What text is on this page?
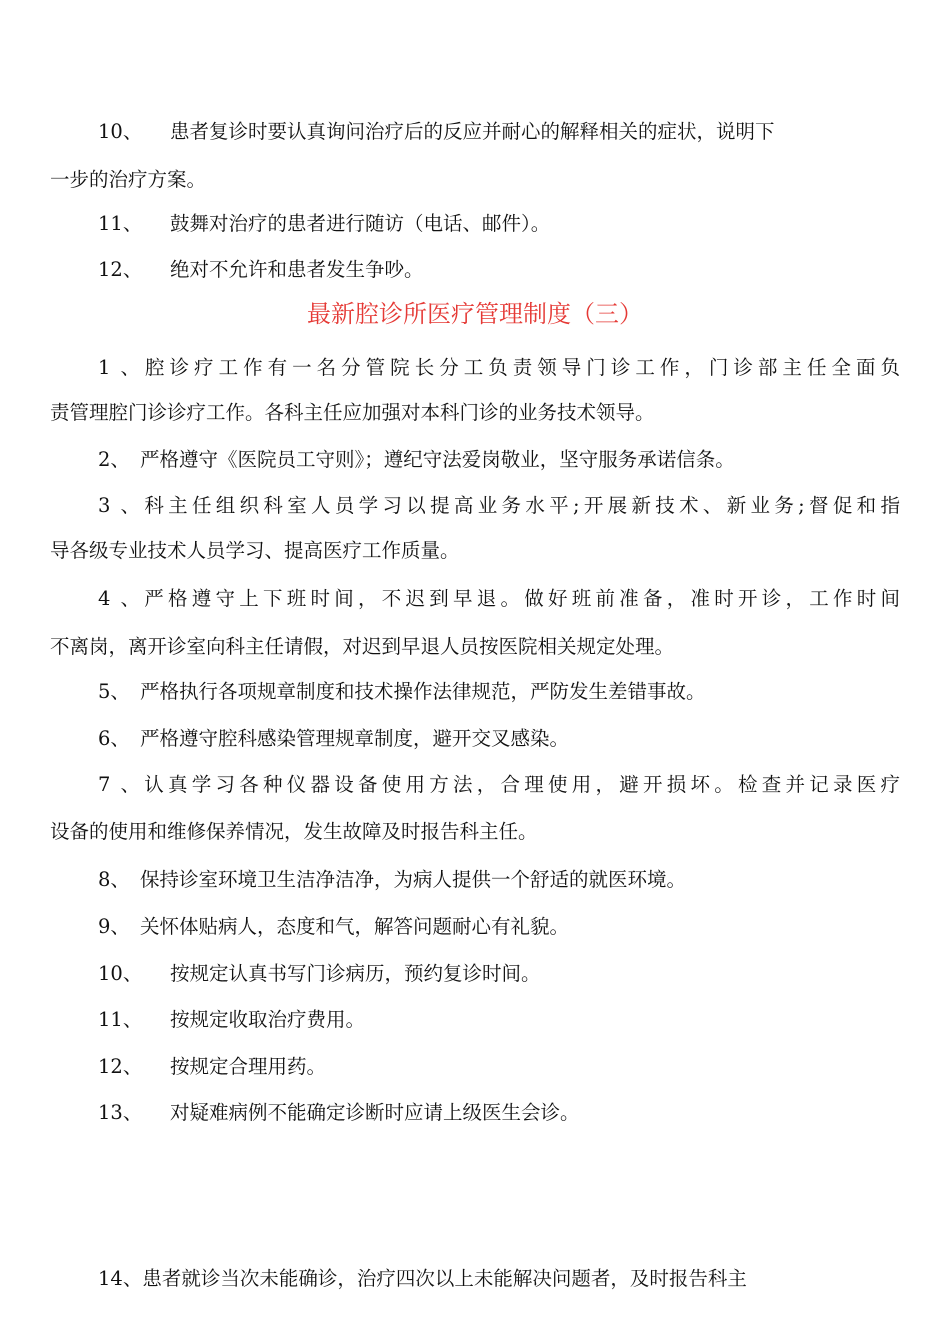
10、 患者复诊时要认真询问治疗后的反应并耐心的解释相关的症状，说明下
一步的治疗方案。
11、 鼓舞对治疗的患者进行随访（电话、邮件）。
12、 绝对不允许和患者发生争吵。
最新腔诊所医疗管理制度（三）
1、腔诊疗工作有一名分管院长分工负责领导门诊工作，门诊部主任全面负
责管理腔门诊诊疗工作。各科主任应加强对本科门诊的业务技术领导。
2、 严格遵守《医院员工守则》；遵纪守法爱岗敬业，坚守服务承诺信条。
3、科主任组织科室人员学习以提高业务水平;开展新技术、新业务;督促和指
导各级专业技术人员学习、提高医疗工作质量。
4、严格遵守上下班时间，不迟到早退。做好班前准备，准时开诊，工作时间
不离岗，离开诊室向科主任请假，对迟到早退人员按医院相关规定处理。
5、 严格执行各项规章制度和技术操作法律规范，严防发生差错事故。
6、 严格遵守腔科感染管理规章制度，避开交叉感染。
7、认真学习各种仪器设备使用方法，合理使用，避开损坏。检查并记录医疗
设备的使用和维修保养情况，发生故障及时报告科主任。
8、 保持诊室环境卫生洁净洁净，为病人提供一个舒适的就医环境。
9、 关怀体贴病人，态度和气，解答问题耐心有礼貌。
10、 按规定认真书写门诊病历，预约复诊时间。
11、 按规定收取治疗费用。
12、 按规定合理用药。
13、 对疑难病例不能确定诊断时应请上级医生会诊。
14、患者就诊当次未能确诊，治疗四次以上未能解决问题者，及时报告科主
